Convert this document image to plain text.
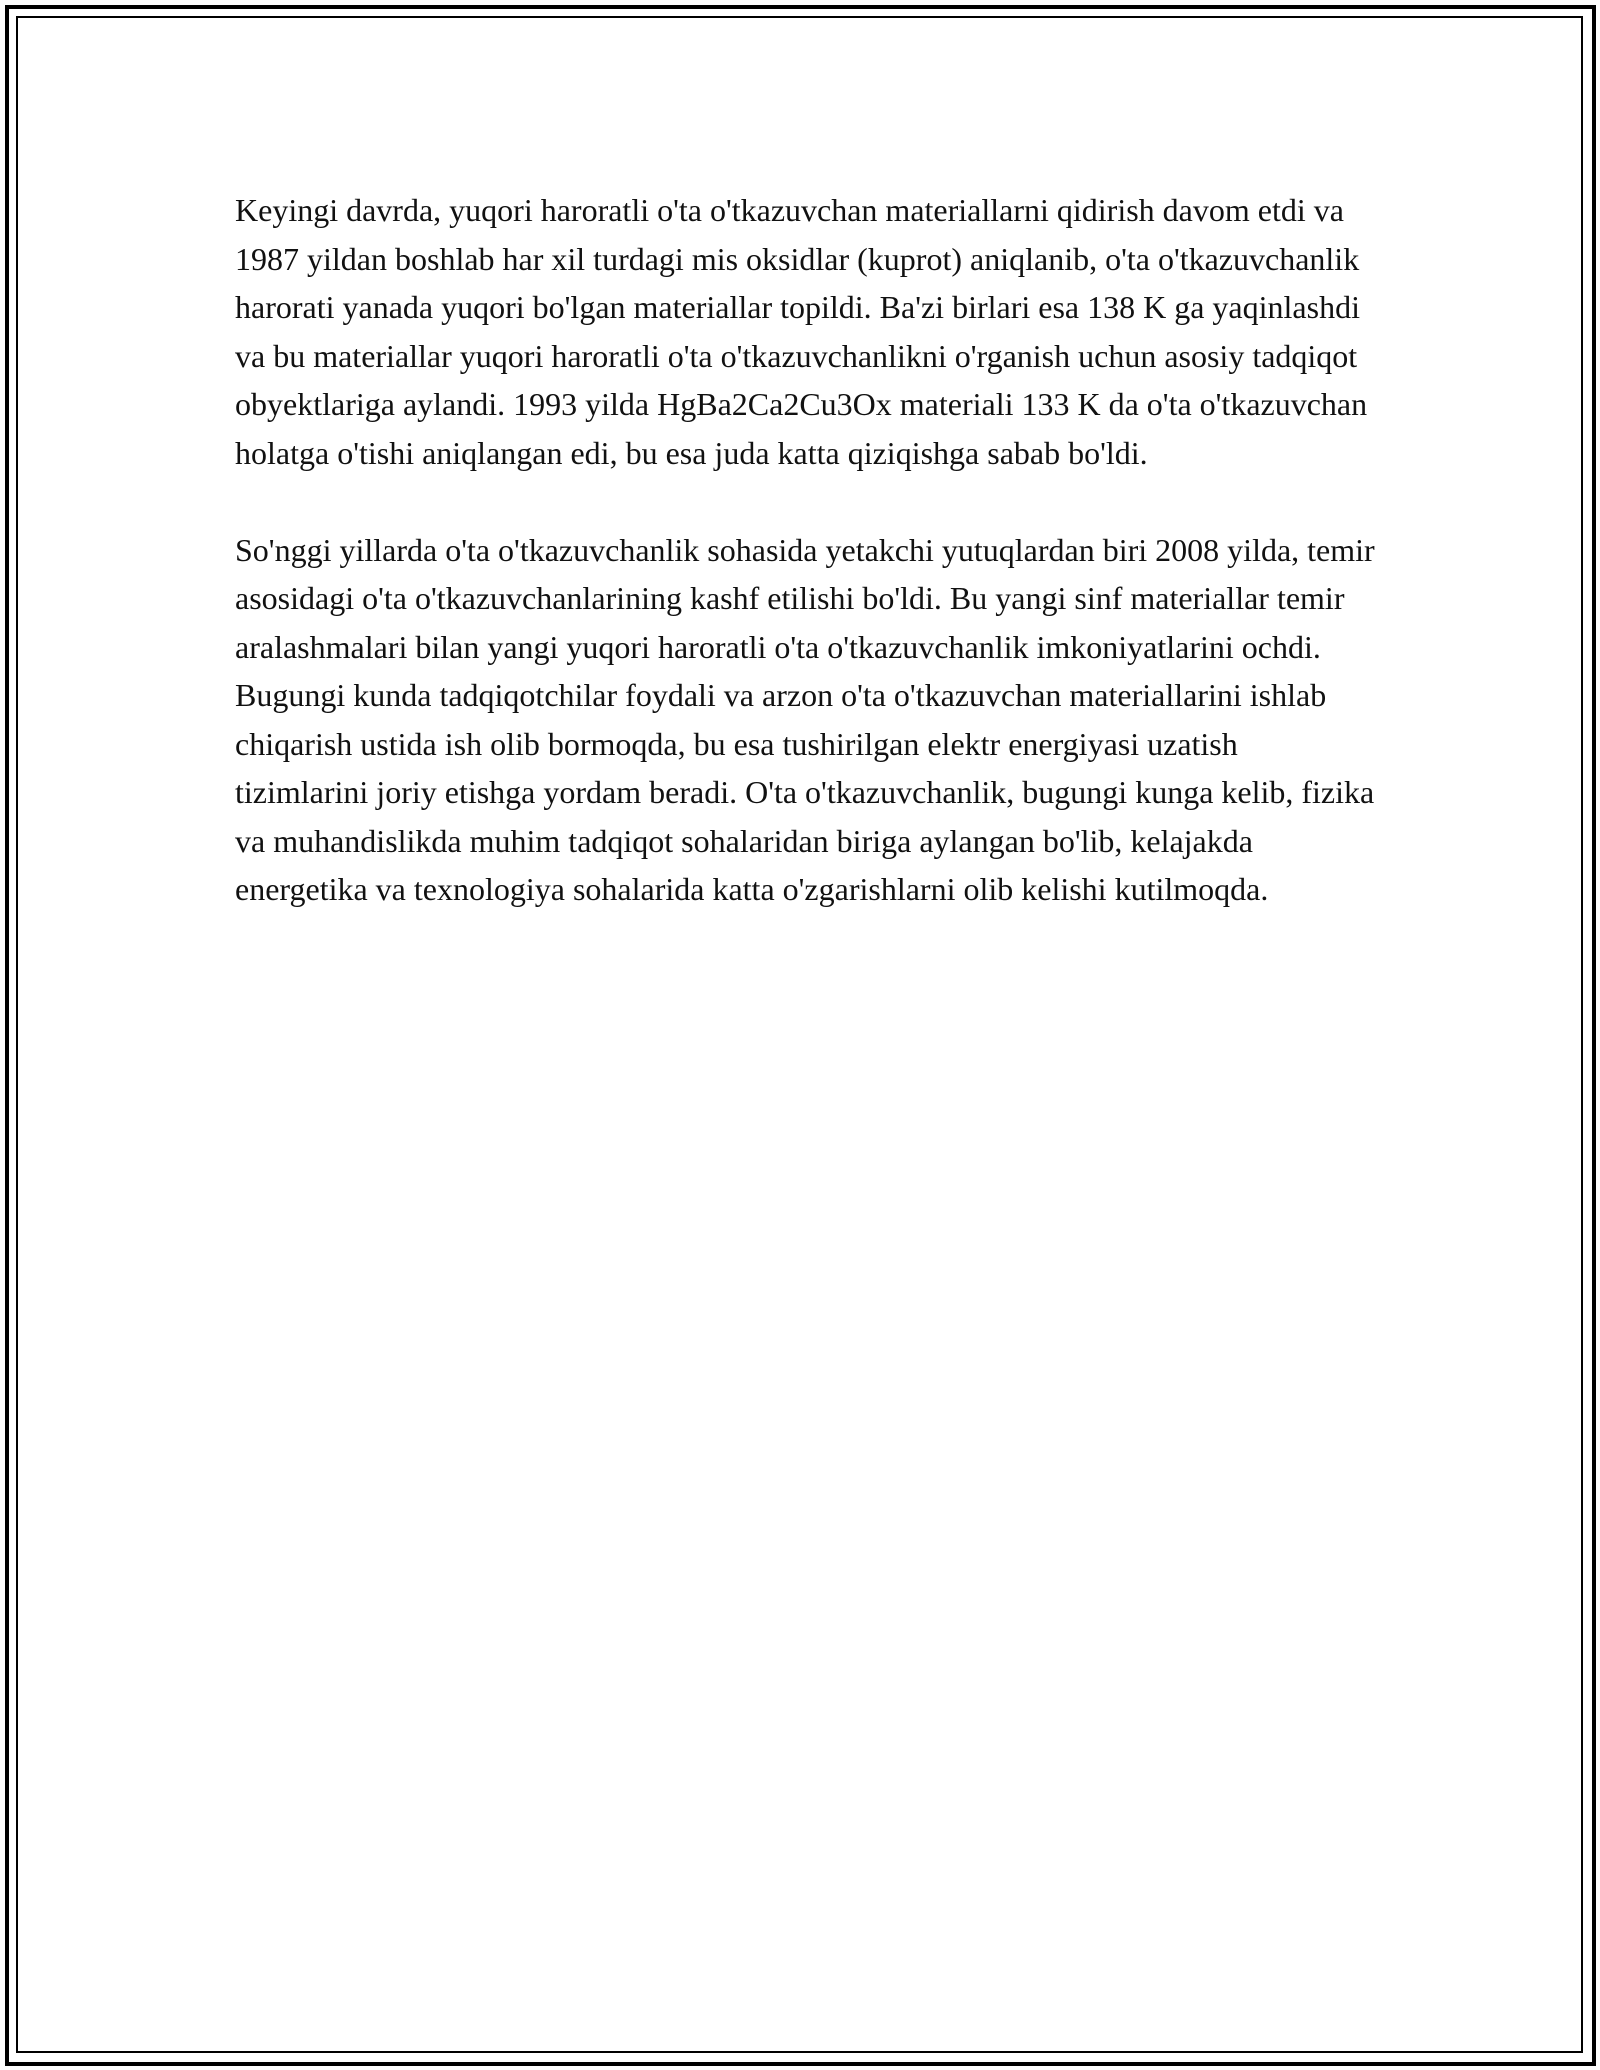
Keyingi davrda, yuqori haroratli o'ta o'tkazuvchan materiallarni qidirish davom etdi va 1987 yildan boshlab har xil turdagi mis oksidlar (kuprot) aniqlanib, o'ta o'tkazuvchanlik harorati yanada yuqori bo'lgan materiallar topildi. Ba'zi birlari esa 138 K ga yaqinlashdi va bu materiallar yuqori haroratli o'ta o'tkazuvchanlikni o'rganish uchun asosiy tadqiqot obyektlariga aylandi. 1993 yilda HgBa2Ca2Cu3Ox materiali 133 K da o'ta o'tkazuvchan holatga o'tishi aniqlangan edi, bu esa juda katta qiziqishga sabab bo'ldi.

So'nggi yillarda o'ta o'tkazuvchanlik sohasida yetakchi yutuqlardan biri 2008 yilda, temir asosidagi o'ta o'tkazuvchanlarining kashf etilishi bo'ldi. Bu yangi sinf materiallar temir aralashmalari bilan yangi yuqori haroratli o'ta o'tkazuvchanlik imkoniyatlarini ochdi. Bugungi kunda tadqiqotchilar foydali va arzon o'ta o'tkazuvchan materiallarini ishlab chiqarish ustida ish olib bormoqda, bu esa tushirilgan elektr energiyasi uzatish tizimlarini joriy etishga yordam beradi. O'ta o'tkazuvchanlik, bugungi kunga kelib, fizika va muhandislikda muhim tadqiqot sohalaridan biriga aylangan bo'lib, kelajakda energetika va texnologiya sohalarida katta o'zgarishlarni olib kelishi kutilmoqda.
